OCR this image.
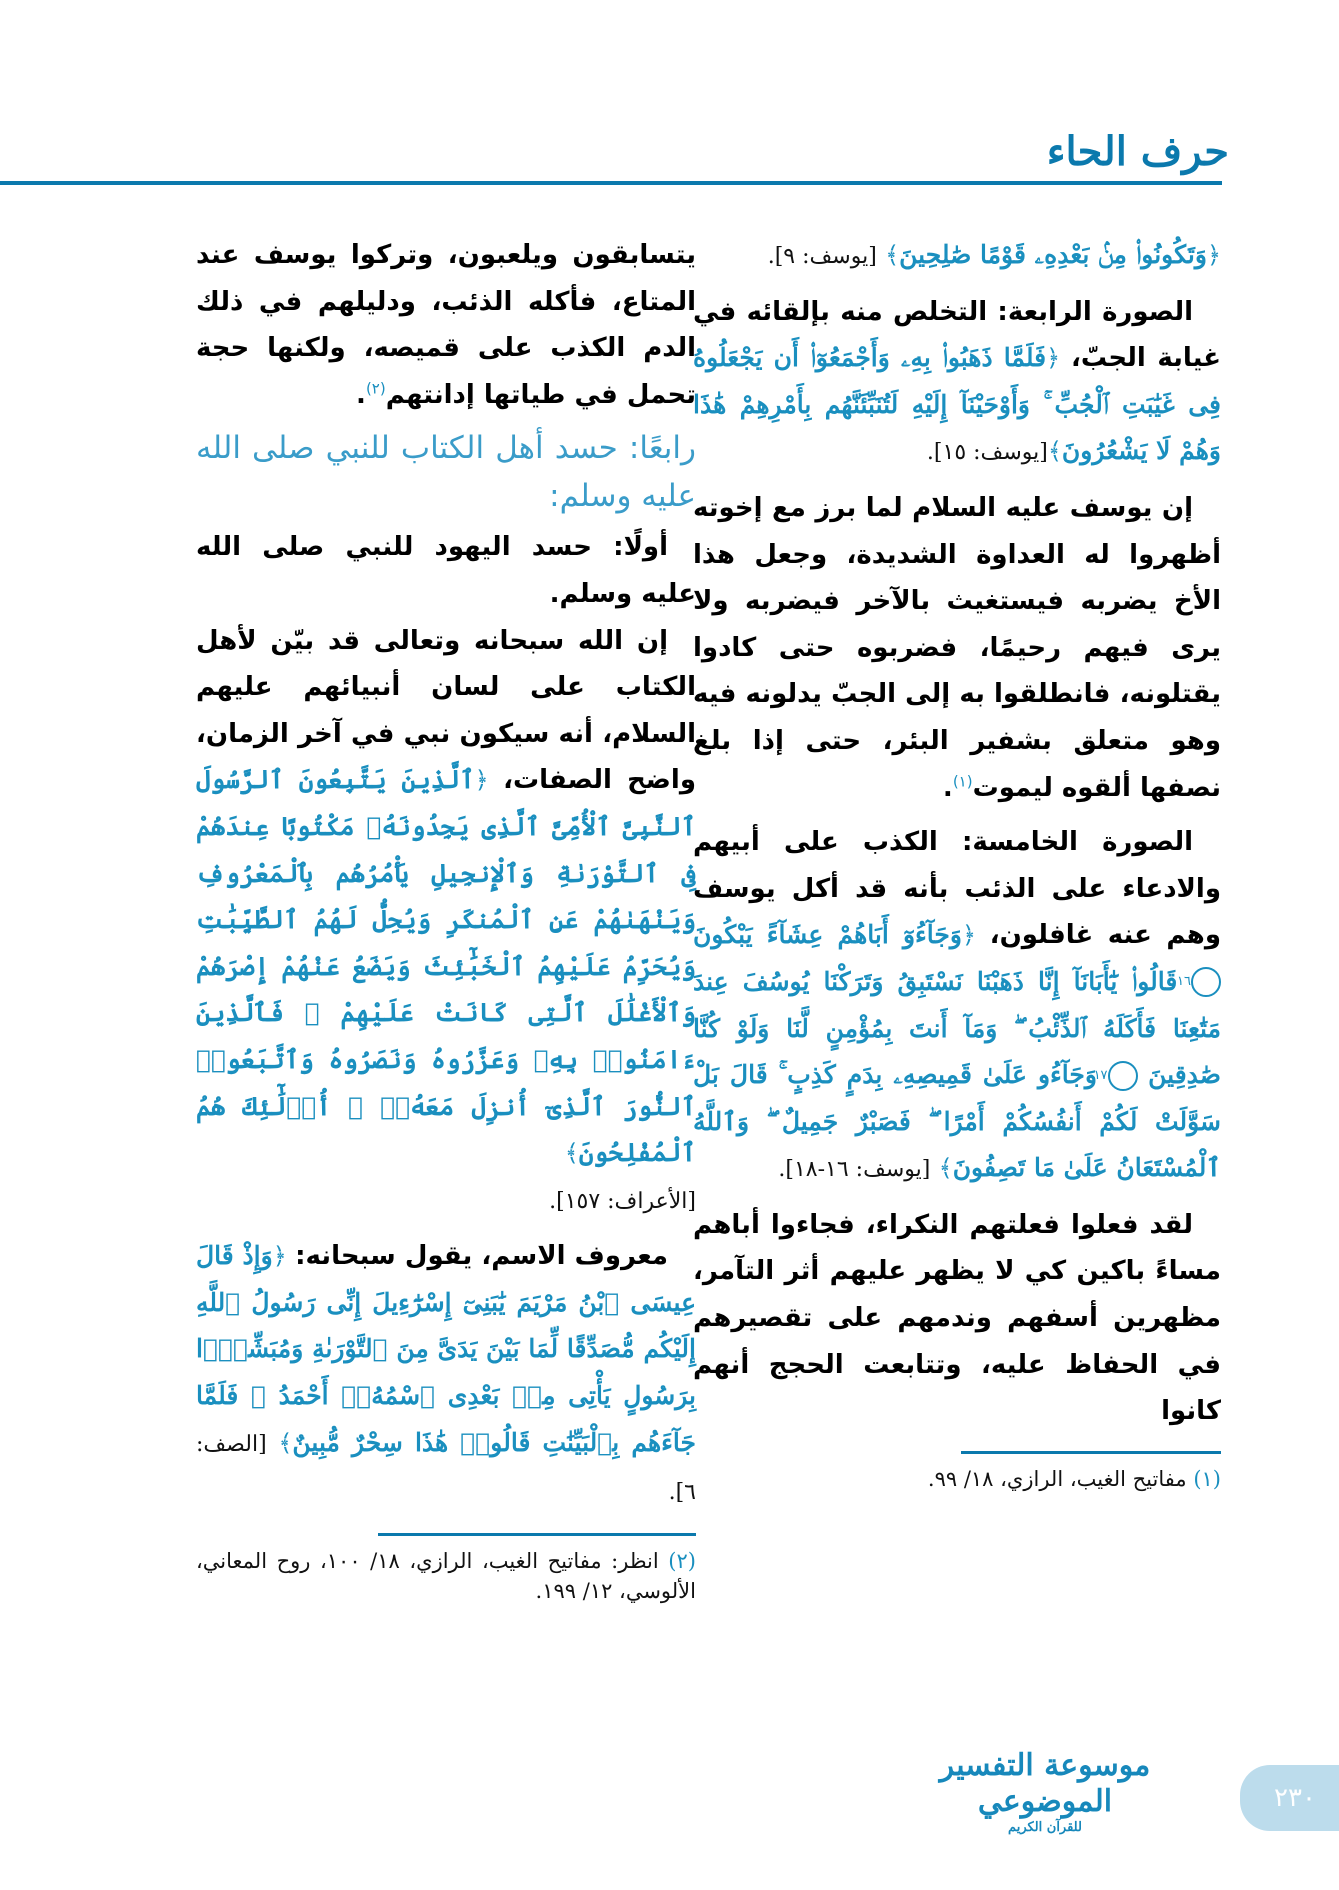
حرف الحاء

﴿وَتَكُونُوا۟ مِنۢ بَعْدِهِۦ قَوْمًا صَٰلِحِينَ﴾ [يوسف: ٩].

الصورة الرابعة: التخلص منه بإلقائه في غيابة الجبّ، ﴿فَلَمَّا ذَهَبُوا۟ بِهِۦ وَأَجْمَعُوٓا۟ أَن يَجْعَلُوهُ فِى غَيَٰبَتِ ٱلْجُبِّ ۚ وَأَوْحَيْنَآ إِلَيْهِ لَتُنَبِّئَنَّهُم بِأَمْرِهِمْ هَٰذَا وَهُمْ لَا يَشْعُرُونَ﴾[يوسف: ١٥].

إن يوسف عليه السلام لما برز مع إخوته أظهروا له العداوة الشديدة، وجعل هذا الأخ يضربه فيستغيث بالآخر فيضربه ولا يرى فيهم رحيمًا، فضربوه حتى كادوا يقتلونه، فانطلقوا به إلى الجبّ يدلونه فيه وهو متعلق بشفير البئر، حتى إذا بلغ نصفها ألقوه ليموت$^{(١)}$.

الصورة الخامسة: الكذب على أبيهم والادعاء على الذئب بأنه قد أكل يوسف وهم عنه غافلون، ﴿وَجَآءُوٓ أَبَاهُمْ عِشَآءً يَبْكُونَ ١٦ قَالُوا۟ يَٰٓأَبَانَآ إِنَّا ذَهَبْنَا نَسْتَبِقُ وَتَرَكْنَا يُوسُفَ عِندَ مَتَٰعِنَا فَأَكَلَهُ ٱلذِّئْبُ ۖ وَمَآ أَنتَ بِمُؤْمِنٍ لَّنَا وَلَوْ كُنَّا صَٰدِقِينَ ١٧ وَجَآءُو عَلَىٰ قَمِيصِهِۦ بِدَمٍ كَذِبٍ ۚ قَالَ بَلْ سَوَّلَتْ لَكُمْ أَنفُسُكُمْ أَمْرًا ۖ فَصَبْرٌ جَمِيلٌ ۖ وَٱللَّهُ ٱلْمُسْتَعَانُ عَلَىٰ مَا تَصِفُونَ﴾ [يوسف: ١٦-١٨].

لقد فعلوا فعلتهم النكراء، فجاءوا أباهم مساءً باكين كي لا يظهر عليهم أثر التآمر، مظهرين أسفهم وندمهم على تقصيرهم في الحفاظ عليه، وتتابعت الحجج أنهم كانوا

(١) مفاتيح الغيب، الرازي، ١٨/ ٩٩.

يتسابقون ويلعبون، وتركوا يوسف عند المتاع، فأكله الذئب، ودليلهم في ذلك الدم الكذب على قميصه، ولكنها حجة تحمل في طياتها إدانتهم$^{(٢)}$.

رابعًا: حسد أهل الكتاب للنبي صلى الله عليه وسلم:

أولًا: حسد اليهود للنبي صلى الله عليه وسلم.

إن الله سبحانه وتعالى قد بيّن لأهل الكتاب على لسان أنبيائهم عليهم السلام، أنه سيكون نبي في آخر الزمان، واضح الصفات، ﴿ٱلَّذِينَ يَتَّبِعُونَ ٱلرَّسُولَ ٱلنَّبِىَّ ٱلْأُمِّىَّ ٱلَّذِى يَجِدُونَهُۥ مَكْتُوبًا عِندَهُمْ فِى ٱلتَّوْرَىٰةِ وَٱلْإِنجِيلِ يَأْمُرُهُم بِٱلْمَعْرُوفِ وَيَنْهَىٰهُمْ عَنِ ٱلْمُنكَرِ وَيُحِلُّ لَهُمُ ٱلطَّيِّبَٰتِ وَيُحَرِّمُ عَلَيْهِمُ ٱلْخَبَٰٓئِثَ وَيَضَعُ عَنْهُمْ إِصْرَهُمْ وَٱلْأَغْلَٰلَ ٱلَّتِى كَانَتْ عَلَيْهِمْ ۚ فَٱلَّذِينَ ءَامَنُوا۟ بِهِۦ وَعَزَّرُوهُ وَنَصَرُوهُ وَٱتَّبَعُوا۟ ٱلنُّورَ ٱلَّذِىٓ أُنزِلَ مَعَهُۥٓ ۙ أُو۟لَٰٓئِكَ هُمُ ٱلْمُفْلِحُونَ﴾

[الأعراف: ١٥٧].

معروف الاسم، يقول سبحانه: ﴿وَإِذْ قَالَ عِيسَى ٱبْنُ مَرْيَمَ يَٰبَنِىٓ إِسْرَٰٓءِيلَ إِنِّى رَسُولُ ٱللَّهِ إِلَيْكُم مُّصَدِّقًا لِّمَا بَيْنَ يَدَىَّ مِنَ ٱلتَّوْرَىٰةِ وَمُبَشِّرًۢا بِرَسُولٍ يَأْتِى مِنۢ بَعْدِى ٱسْمُهُۥٓ أَحْمَدُ ۖ فَلَمَّا جَآءَهُم بِٱلْبَيِّنَٰتِ قَالُوا۟ هَٰذَا سِحْرٌ مُّبِينٌ﴾ [الصف: ٦].

(٢) انظر: مفاتيح الغيب، الرازي، ١٨/ ١٠٠، روح المعاني، الألوسي، ١٢/ ١٩٩.

موسوعة التفسير الموضوعي
للقرآن الكريم
٢٣٠
